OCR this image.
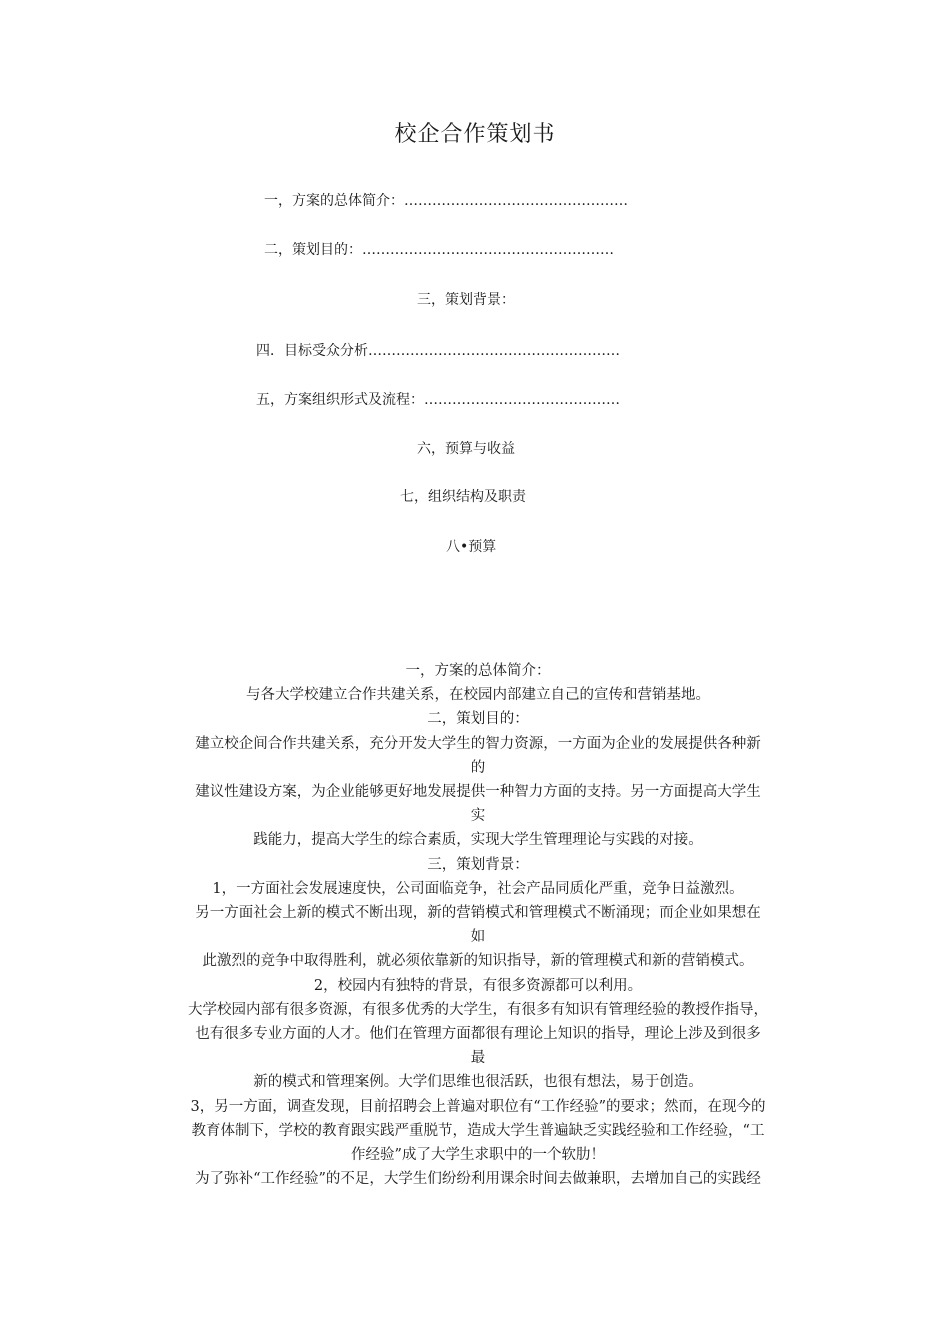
校企合作策划书
一，方案的总体简介：…………………………………………
二，策划目的：………………………………………………
三，策划背景：
四．目标受众分析………………………………………………
五，方案组织形式及流程：……………………………………
六，预算与收益
七，组织结构及职责
八•预算
一，方案的总体简介：
与各大学校建立合作共建关系，在校园内部建立自己的宣传和营销基地。
二，策划目的：
建立校企间合作共建关系，充分开发大学生的智力资源，一方面为企业的发展提供各种新
的
建议性建设方案，为企业能够更好地发展提供一种智力方面的支持。另一方面提高大学生
实
践能力，提高大学生的综合素质，实现大学生管理理论与实践的对接。
三，策划背景：
1，一方面社会发展速度快，公司面临竞争，社会产品同质化严重，竞争日益激烈。
另一方面社会上新的模式不断出现，新的营销模式和管理模式不断涌现；而企业如果想在
如
此激烈的竞争中取得胜利，就必须依靠新的知识指导，新的管理模式和新的营销模式。
2，校园内有独特的背景，有很多资源都可以利用。
大学校园内部有很多资源，有很多优秀的大学生，有很多有知识有管理经验的教授作指导，
也有很多专业方面的人才。他们在管理方面都很有理论上知识的指导，理论上涉及到很多
最
新的模式和管理案例。大学们思维也很活跃，也很有想法，易于创造。
3，另一方面，调查发现，目前招聘会上普遍对职位有“工作经验”的要求；然而，在现今的
教育体制下，学校的教育跟实践严重脱节，造成大学生普遍缺乏实践经验和工作经验，“工
作经验”成了大学生求职中的一个软肋！
为了弥补“工作经验”的不足，大学生们纷纷利用课余时间去做兼职，去增加自己的实践经
